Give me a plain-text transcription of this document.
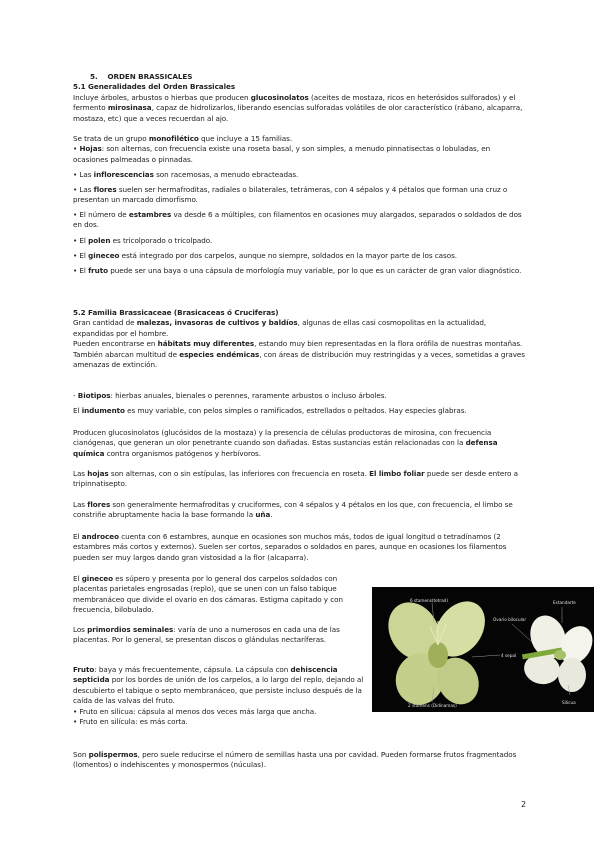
5.    ORDEN BRASSICALES

5.1 Generalidades del Orden Brassicales

Incluye árboles, arbustos o hierbas que producen glucosinolatos (aceites de mostaza, ricos en heterósidos sulforados) y el fermento mirosinasa, capaz de hidrolizarlos, liberando esencias sulforadas volátiles de olor característico (rábano, alcaparra, mostaza, etc) que a veces recuerdan al ajo.

Se trata de un grupo monofilético que incluye a 15 familias.

• Hojas: son alternas, con frecuencia existe una roseta basal, y son simples, a menudo pinnatisectas o lobuladas, en ocasiones palmeadas o pinnadas.

• Las inflorescencias son racemosas, a menudo ebracteadas.

• Las flores suelen ser hermafroditas, radiales o bilaterales, tetrámeras, con 4 sépalos y 4 pétalos que forman una cruz o presentan un marcado dimorfismo.

• El número de estambres va desde 6 a múltiples, con filamentos en ocasiones muy alargados, separados o soldados de dos en dos.

• El polen es tricolporado o tricolpado.

• El gineceo está integrado por dos carpelos, aunque no siempre, soldados en la mayor parte de los casos.

• El fruto puede ser una baya o una cápsula de morfología muy variable, por lo que es un carácter de gran valor diagnóstico.

5.2 Familia Brassicaceae (Brasicaceas ó Cruciferas)

Gran cantidad de malezas, invasoras de cultivos y baldíos, algunas de ellas casi cosmopolitas en la actualidad, expandidas por el hombre.

Pueden encontrarse en hábitats muy diferentes, estando muy bien representadas en la flora orófila de nuestras montañas.

También abarcan multitud de especies endémicas, con áreas de distribución muy restringidas y a veces, sometidas a graves amenazas de extinción.

- Biotipos: hierbas anuales, bienales o perennes, raramente arbustos o incluso árboles.

El indumento es muy variable, con pelos simples o ramificados, estrellados o peltados. Hay especies glabras.

Producen glucosinolatos (glucósidos de la mostaza) y la presencia de células productoras de mirosina, con frecuencia cianógenas, que generan un olor penetrante cuando son dañadas. Estas sustancias están relacionadas con la defensa química contra organismos patógenos y herbívoros.

Las hojas son alternas, con o sin estípulas, las inferiores con frecuencia en roseta. El limbo foliar puede ser desde entero a tripinnatisepto.

Las flores son generalmente hermafroditas y cruciformes, con 4 sépalos y 4 pétalos en los que, con frecuencia, el limbo se constriñe abruptamente hacia la base formando la uña.

El androceo cuenta con 6 estambres, aunque en ocasiones son muchos más, todos de igual longitud o tetradínamos (2 estambres más cortos y externos). Suelen ser cortos, separados o soldados en pares, aunque en ocasiones los filamentos pueden ser muy largos dando gran vistosidad a la flor (alcaparra).

El gineceo es súpero y presenta por lo general dos carpelos soldados con placentas parietales engrosadas (replo), que se unen con un falso tabique membranáceo que divide el ovario en dos cámaras. Estigma capitado y con frecuencia, bilobulado.

Los primordios seminales: varía de uno a numerosos en cada una de las placentas. Por lo general, se presentan discos o glándulas nectaríferas.

Fruto: baya y más frecuentemente, cápsula. La cápsula con dehiscencia septicida por los bordes de unión de los carpelos, a lo largo del replo, dejando al descubierto el tabique o septo membranáceo, que persiste incluso después de la caída de las valvas del fruto.

• Fruto en silicua: cápsula al menos dos veces más larga que ancha.

• Fruto en silícula: es más corta.

Son polispermos, pero suele reducirse el número de semillas hasta una por cavidad. Pueden formarse frutos fragmentados (lomentos) o indehiscentes y monospermos (núculas).

6 stamens(tetrad)	Estandarte
Ovario bilocular
4 sepal
2 stamens (Didinamas)
Silicua
2
